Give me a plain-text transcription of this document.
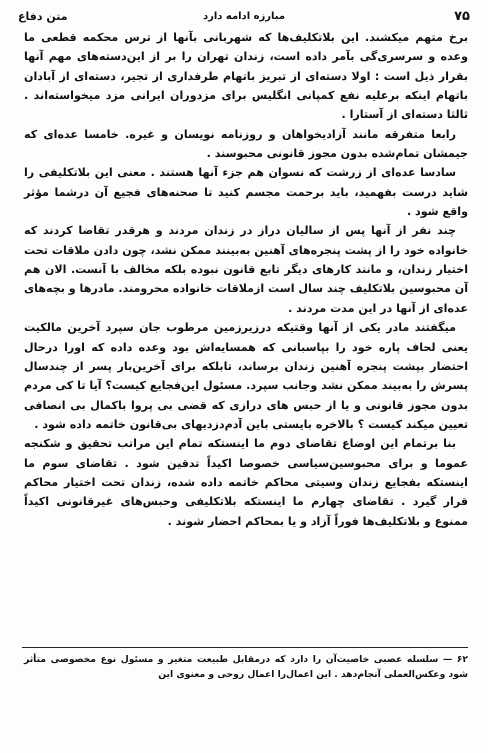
۷۵
مبارزه ادامه دارد
متن دفاع

برخ متهم میکشند. این بلاتکلیف‌ها که شهربانی بآنها از ترس محکمه قطعی ما وعده و سرسری‌گی بآمر داده است، زندان تهران را بر از این‌دسته‌های مهم آنها بقرار ذیل است : اولا دسته‌ای از تبریز باتهام طرفداری از تجیر، دسته‌ای از آبادان باتهام اینکه برعلیه نفع کمپانی انگلیس برای مزدوران ایرانی مزد میخواسته‌اند . ثالثا دسته‌ای از آستارا .

رابعا متفرقه مانند آزادیخواهان و روزنامه نویسان و غیره. خامسا عده‌ای که جیمشان تمام‌شده بدون مجوز قانونی محبوسند .

سادسا عده‌ای از زرشت که نسوان هم جزء آنها هستند . معنی این بلاتکلیفی را شاید درست بفهمید، باید برحمت مجسم کنید تا صحنه‌های فجیع آن درشما مؤثر واقع شود .

چند نفر از آنها پس از سالیان دراز در زندان مردند و هرقدر تقاضا کردند که خانواده خود را از پشت پنجره‌های آهنین به‌بینند ممکن نشد، چون دادن ملاقات تحت اختیار زندان، و مانند کارهای دیگر تابع قانون نبوده بلکه مخالف با آنست. الان هم آن محبوسین بلاتکلیف چند سال است ازملاقات خانواده محرومند. مادرها و بچه‌های عده‌ای از آنها در این مدت مردند .

میگفتند مادر یکی از آنها وقتیکه درزیرزمین مرطوب جان سپرد آخرین مالکیت یعنی لحاف پاره خود را بپاسبانی که همسایه‌اش بود وعده داده که اورا درحال احتضار بپشت پنجره آهنین زندان برساند، تابلکه برای آخرین‌بار پسر از چندسال پسرش را به‌بیند ممکن نشد وجانب سپرد. مسئول این‌فجایع کیست؟ آیا تا کی مردم بدون مجوز قانونی و یا از حبس های درازی که قضی بی پروا باکمال بی انصافی تعیین میکند کیست ؟ بالاخره بایستی باین آدم‌دزدیهای بی‌قانون خاتمه داده شود .

بنا برتمام این اوضاع تقاضای دوم ما اینستکه تمام این مراتب تحقیق و شکنجه عموما و برای محبوسین‌سیاسی خصوصا اکیداً تدقین شود . تقاضای سوم ما اینستکه بفجایع زندان وسیتی محاکم خاتمه داده شده، زندان تحت اختیار محاکم قرار گیرد . تقاضای چهارم ما اینستکه بلاتکلیفی وحبس‌های غیرقانونی اکیداً ممنوع و بلاتکلیف‌ها فوراً آزاد و یا بمحاکم احضار شوند .

۶۲ — سلسله عصبی خاصیت‌آن را دارد که درمقابل طبیعت متغیر و مسئول نوع مخصوصی متأثر شود وعکس‌العملی آنجام‌دهد . این اعمال‌را اعمال روحی و معنوی این
